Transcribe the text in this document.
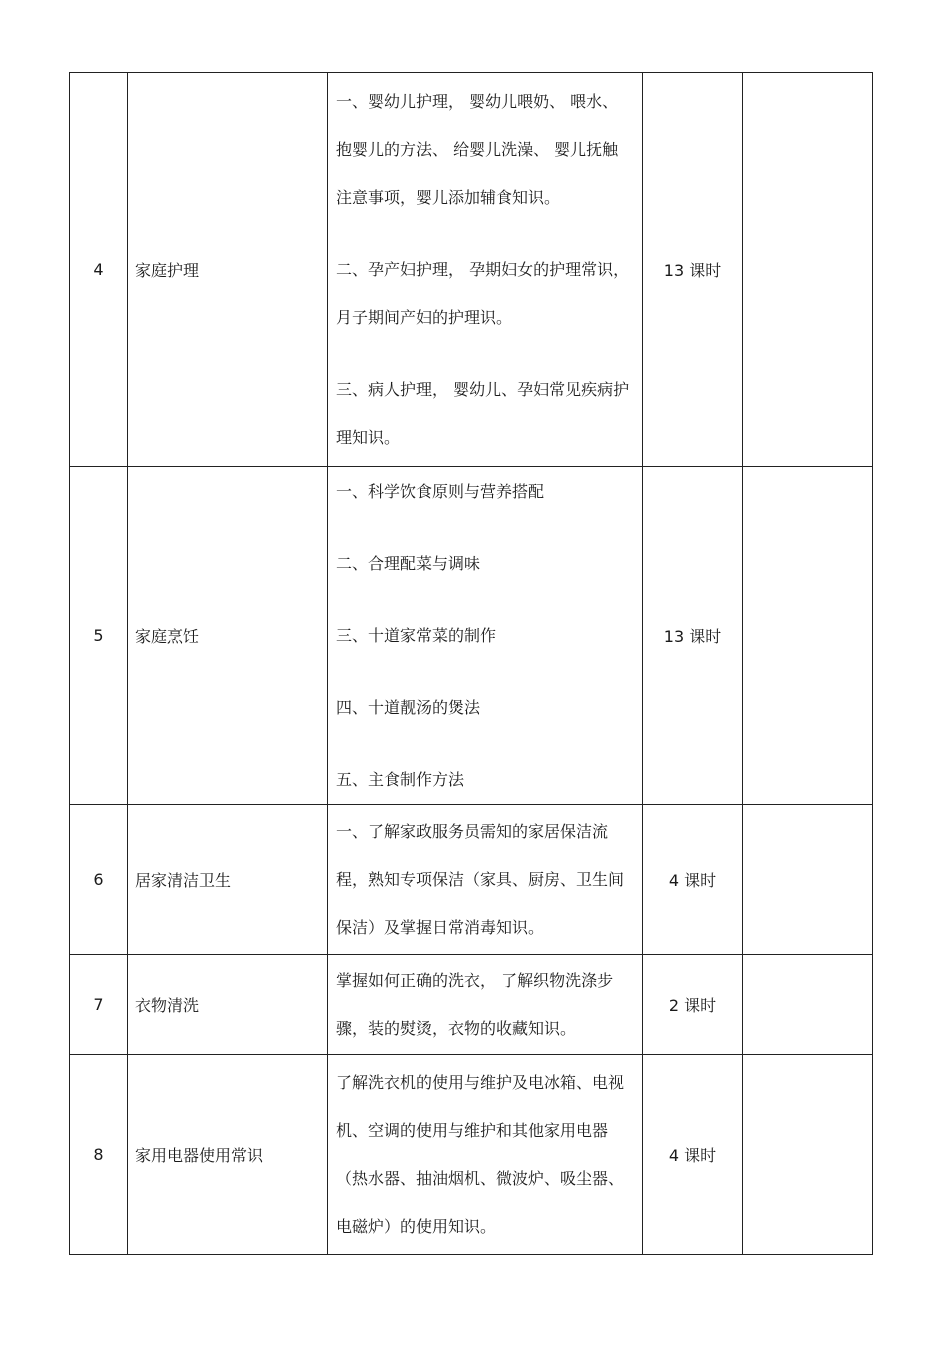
4	家庭护理	一、婴幼儿护理， 婴幼儿喂奶、 喂水、抱婴儿的方法、 给婴儿洗澡、 婴儿抚触注意事项，婴儿添加辅食知识。
二、孕产妇护理， 孕期妇女的护理常识，月子期间产妇的护理识。
三、病人护理， 婴幼儿、孕妇常见疾病护理知识。	13 课时	
5	家庭烹饪	一、科学饮食原则与营养搭配
二、合理配菜与调味
三、十道家常菜的制作
四、十道靓汤的煲法
五、主食制作方法	13 课时	
6	居家清洁卫生	一、了解家政服务员需知的家居保洁流程，熟知专项保洁（家具、厨房、卫生间保洁）及掌握日常消毒知识。	4 课时	
7	衣物清洗	掌握如何正确的洗衣， 了解织物洗涤步骤，装的熨烫，衣物的收藏知识。	2 课时	
8	家用电器使用常识	了解洗衣机的使用与维护及电冰箱、电视机、空调的使用与维护和其他家用电器（热水器、抽油烟机、微波炉、吸尘器、电磁炉）的使用知识。	4 课时	
